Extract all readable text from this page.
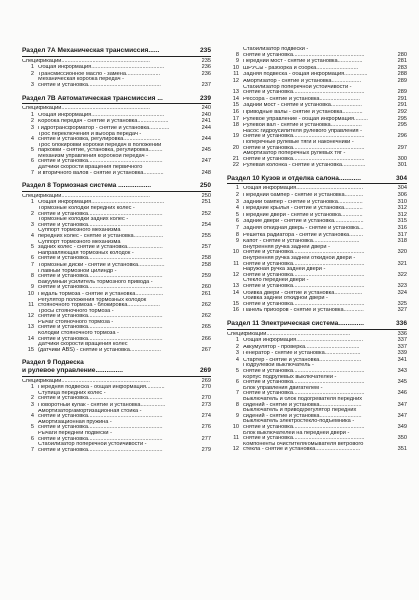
Раздел 7А Механическая трансмиссия......	235
Спецификации.........................................................	235
1 Общая информация...............................................	236
2 Трансмиссионное масло - замена......................	236
3
Механическая коробка передач -
снятие и установка...............................................	237
Раздел 7В Автоматическая трансмиссия ...	239
Спецификации.........................................................	240
1 Общая информация...............................................	240
2 Коробка передач - снятие и установка....................	241
3 Гидротрансформатор - снятие и установка.............	244
4
Трос переключения и выбора передач -
снятие и установка, регулировка........................	244
5
Трос блокировки коробки передач в положении
парковки - снятие, установка, регулировка.........	245
6
Механизм управления коробкой передач -
снятие и установка................................................	247
7
Датчики скорости вращения первичного
и вторичного валов - снятие и установка.............	248
Раздел 8 Тормозная система ..................	250
Спецификации.........................................................	250
1 Общая информация...............................................	251
2
Тормозные колодки передних колес -
снятие и установка................................................	252
3
Тормозные колодки задних колес -
снятие и установка................................................	254
4
Суппорт тормозного механизма
передних колес - снятие и установка...................	255
5
Суппорт тормозного механизма
задних колес - снятие и установка.......................	257
6
Направляющая тормозных колодок -
снятие и установка................................................	258
7 Тормозные диски - снятие и установка.................	258
8
Главный тормозной цилиндр -
снятие и установка................................................	259
9
Вакуумный усилитель тормозного привода -
снятие и установка................................................	260
10 Педаль тормоза - снятие и установка..................	261
11
Регулятор положения тормозных колодок
стояночного тормоза - блокировка.....................	262
12
Тросы стояночного тормоза -
снятие и установка................................................	262
13
Рычаг стояночного тормоза -
снятие и установка................................................	265
14
Колодки стояночного тормоза -
снятие и установка................................................	266
15
Датчики скорости вращения колес
(датчики ABS) - снятие и установка....................	267
Раздел 9 Подвеска
и рулевое управление...............	269
Спецификации.........................................................	269
1 Передняя подвеска - общая информация............	270
2
Ступица передних колес -
снятие и установка................................................	270
3 Поворотный кулак - снятие и установка................	273
4
Амортизатор/амортизационная стойка -
снятие и установка................................................	274
5
Амортизационная пружина -
снятие и установка................................................	276
6
Рычаги передней подвески -
снятие и установка................................................	277
7
Стабилизатор поперечной устойчивости -
снятие и установка................................................	279
8
Стабилизатор подвески -
снятие и установка..............................................	280
9 Передний мост - снятие и установка................	281
10 ШРУСы - разборка и сборка...........................	283
11 Задняя подвеска - общая информация...............	288
12 Амортизатор - снятие и установка...................	289
13
Стабилизатор поперечной устойчивости -
снятие и установка..............................................	289
14 Рессора - снятие и установка..........................	291
15 Задний мост - снятие и установка....................	291
16 Приводные валы - снятие и установка.............	292
17 Рулевое управление - общая информация.........	295
18 Рулевой вал - снятие и установка....................	295
19
Насос гидроусилителя рулевого управления -
снятие и установка..............................................	296
20
Поперечные рулевые тяги и наконечники -
снятие и установка..............................................	297
21
Амортизатор поперечных рулевых тяг -
снятие и установка..............................................	300
22 Рулевая колонка - снятие и установка...............	301
Раздел 10 Кузов и отделка салона............	304
1 Общая информация...........................................	304
2 Передний бампер - снятие и установка............	306
3 Задний бампер - снятие и установка................	310
4 Передние крылья - снятие и установка............	312
5 Передние двери - снятие и установка..............	312
6 Задние двери - снятие и установка...................	315
7 Задняя откидная дверь - снятие и установка...	316
8 Решетка радиатора - снятие и установка.........	317
9 Капот - снятие и установка..............................	318
10
Внутренняя ручка задней двери -
снятие и установка..............................................	320
11
Внутренняя ручка задней откидной двери -
снятие и установка..............................................	321
12
Наружная ручка задней двери -
снятие и установка..............................................	322
13
Стекло передней двери -
снятие и установка..............................................	323
14 Обивка двери - снятие и установка..................	324
15
Обивка задней откидной двери -
снятие и установка..............................................	325
16 Панель приборов - снятие и установка.............	327
Раздел 11 Электрическая система..............	336
Спецификации......................................................	336
1 Общая информация...........................................	337
2 Аккумулятор - проверка...................................	337
3 Генератор - снятие и установка.......................	339
4 Стартер - снятие и установка...........................	341
5
Подрулевой выключатель -
снятие и установка..............................................	343
6
Корпус подрулевых выключателей -
снятие и установка..............................................	345
7
Блок управления двигателем -
снятие и установка..............................................	346
8
Выключатель и блок подогревателя передних
сидений - снятие и установка...........................	347
9
Выключатель и привод/регулятор передних
сидений - снятие и установка...........................	347
10
Выключатель электростекло-подъемника -
снятие и установка..............................................	349
11
Блок выключателей на передней двери -
снятие и установка..............................................	350
12
Компоненты очистителя/омывателя ветрового
стекла - снятие и установка.............................	351
